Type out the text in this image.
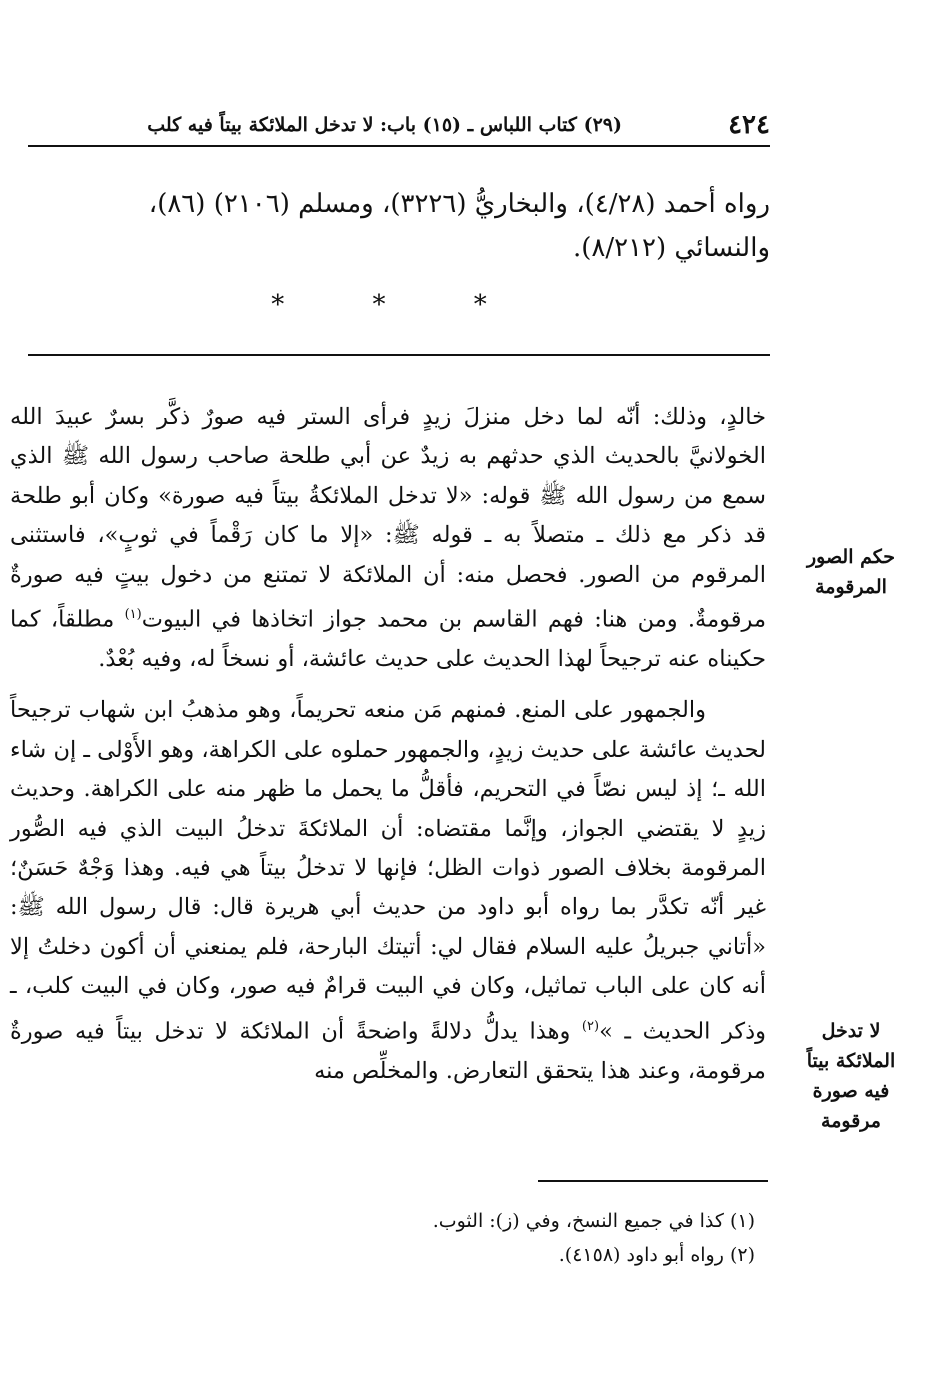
٤٢٤
(٢٩) كتاب اللباس ـ (١٥) باب: لا تدخل الملائكة بيتاً فيه كلب
رواه أحمد (٤/٢٨)، والبخاريُّ (٣٢٢٦)، ومسلم (٢١٠٦) (٨٦)،
والنسائي (٨/٢١٢).
* * *
حكم الصور
المرقومة
لا تدخل
الملائكة بيتاً
فيه صورة
مرقومة

خالدٍ، وذلك: أنّه لما دخل منزلَ زيدٍ فرأى الستر فيه صورٌ ذكَّر بسرٌ عبيدَ الله الخولانيَّ بالحديث الذي حدثهم به زيدٌ عن أبي طلحة صاحب رسول الله ﷺ الذي سمع من رسول الله ﷺ قوله: «لا تدخل الملائكةُ بيتاً فيه صورة» وكان أبو طلحة قد ذكر مع ذلك ـ متصلاً به ـ قوله ﷺ: «إلا ما كان رَقْماً في ثوبٍ»، فاستثنى المرقوم من الصور. فحصل منه: أن الملائكة لا تمتنع من دخول بيتٍ فيه صورةٌ مرقومةٌ. ومن هنا: فهم القاسم بن محمد جواز اتخاذها في البيوت$^{(١)}$ مطلقاً، كما حكيناه عنه ترجيحاً لهذا الحديث على حديث عائشة، أو نسخاً له، وفيه بُعْدٌ.

والجمهور على المنع. فمنهم مَن منعه تحريماً، وهو مذهبُ ابن شهاب ترجيحاً لحديث عائشة على حديث زيدٍ، والجمهور حملوه على الكراهة، وهو الأَوْلى ـ إن شاء الله ـ؛ إذ ليس نصّاً في التحريم، فأقلُّ ما يحمل ما ظهر منه على الكراهة. وحديث زيدٍ لا يقتضي الجواز، وإنَّما مقتضاه: أن الملائكةَ تدخلُ البيت الذي فيه الصُّور المرقومة بخلاف الصور ذوات الظل؛ فإنها لا تدخلُ بيتاً هي فيه. وهذا وَجْهٌ حَسَنٌ؛ غير أنّه تكدَّر بما رواه أبو داود من حديث أبي هريرة قال: قال رسول الله ﷺ: «أتاني جبريلُ عليه السلام فقال لي: أتيتك البارحة، فلم يمنعني أن أكون دخلتُ إلا أنه كان على الباب تماثيل، وكان في البيت قرامٌ فيه صور، وكان في البيت كلب، ـ وذكر الحديث ـ »$^{(٢)}$ وهذا يدلُّ دلالةً واضحةً أن الملائكة لا تدخل بيتاً فيه صورةٌ مرقومة، وعند هذا يتحقق التعارض. والمخلِّص منه

(١) كذا في جميع النسخ، وفي (ز): الثوب.
(٢) رواه أبو داود (٤١٥٨).
